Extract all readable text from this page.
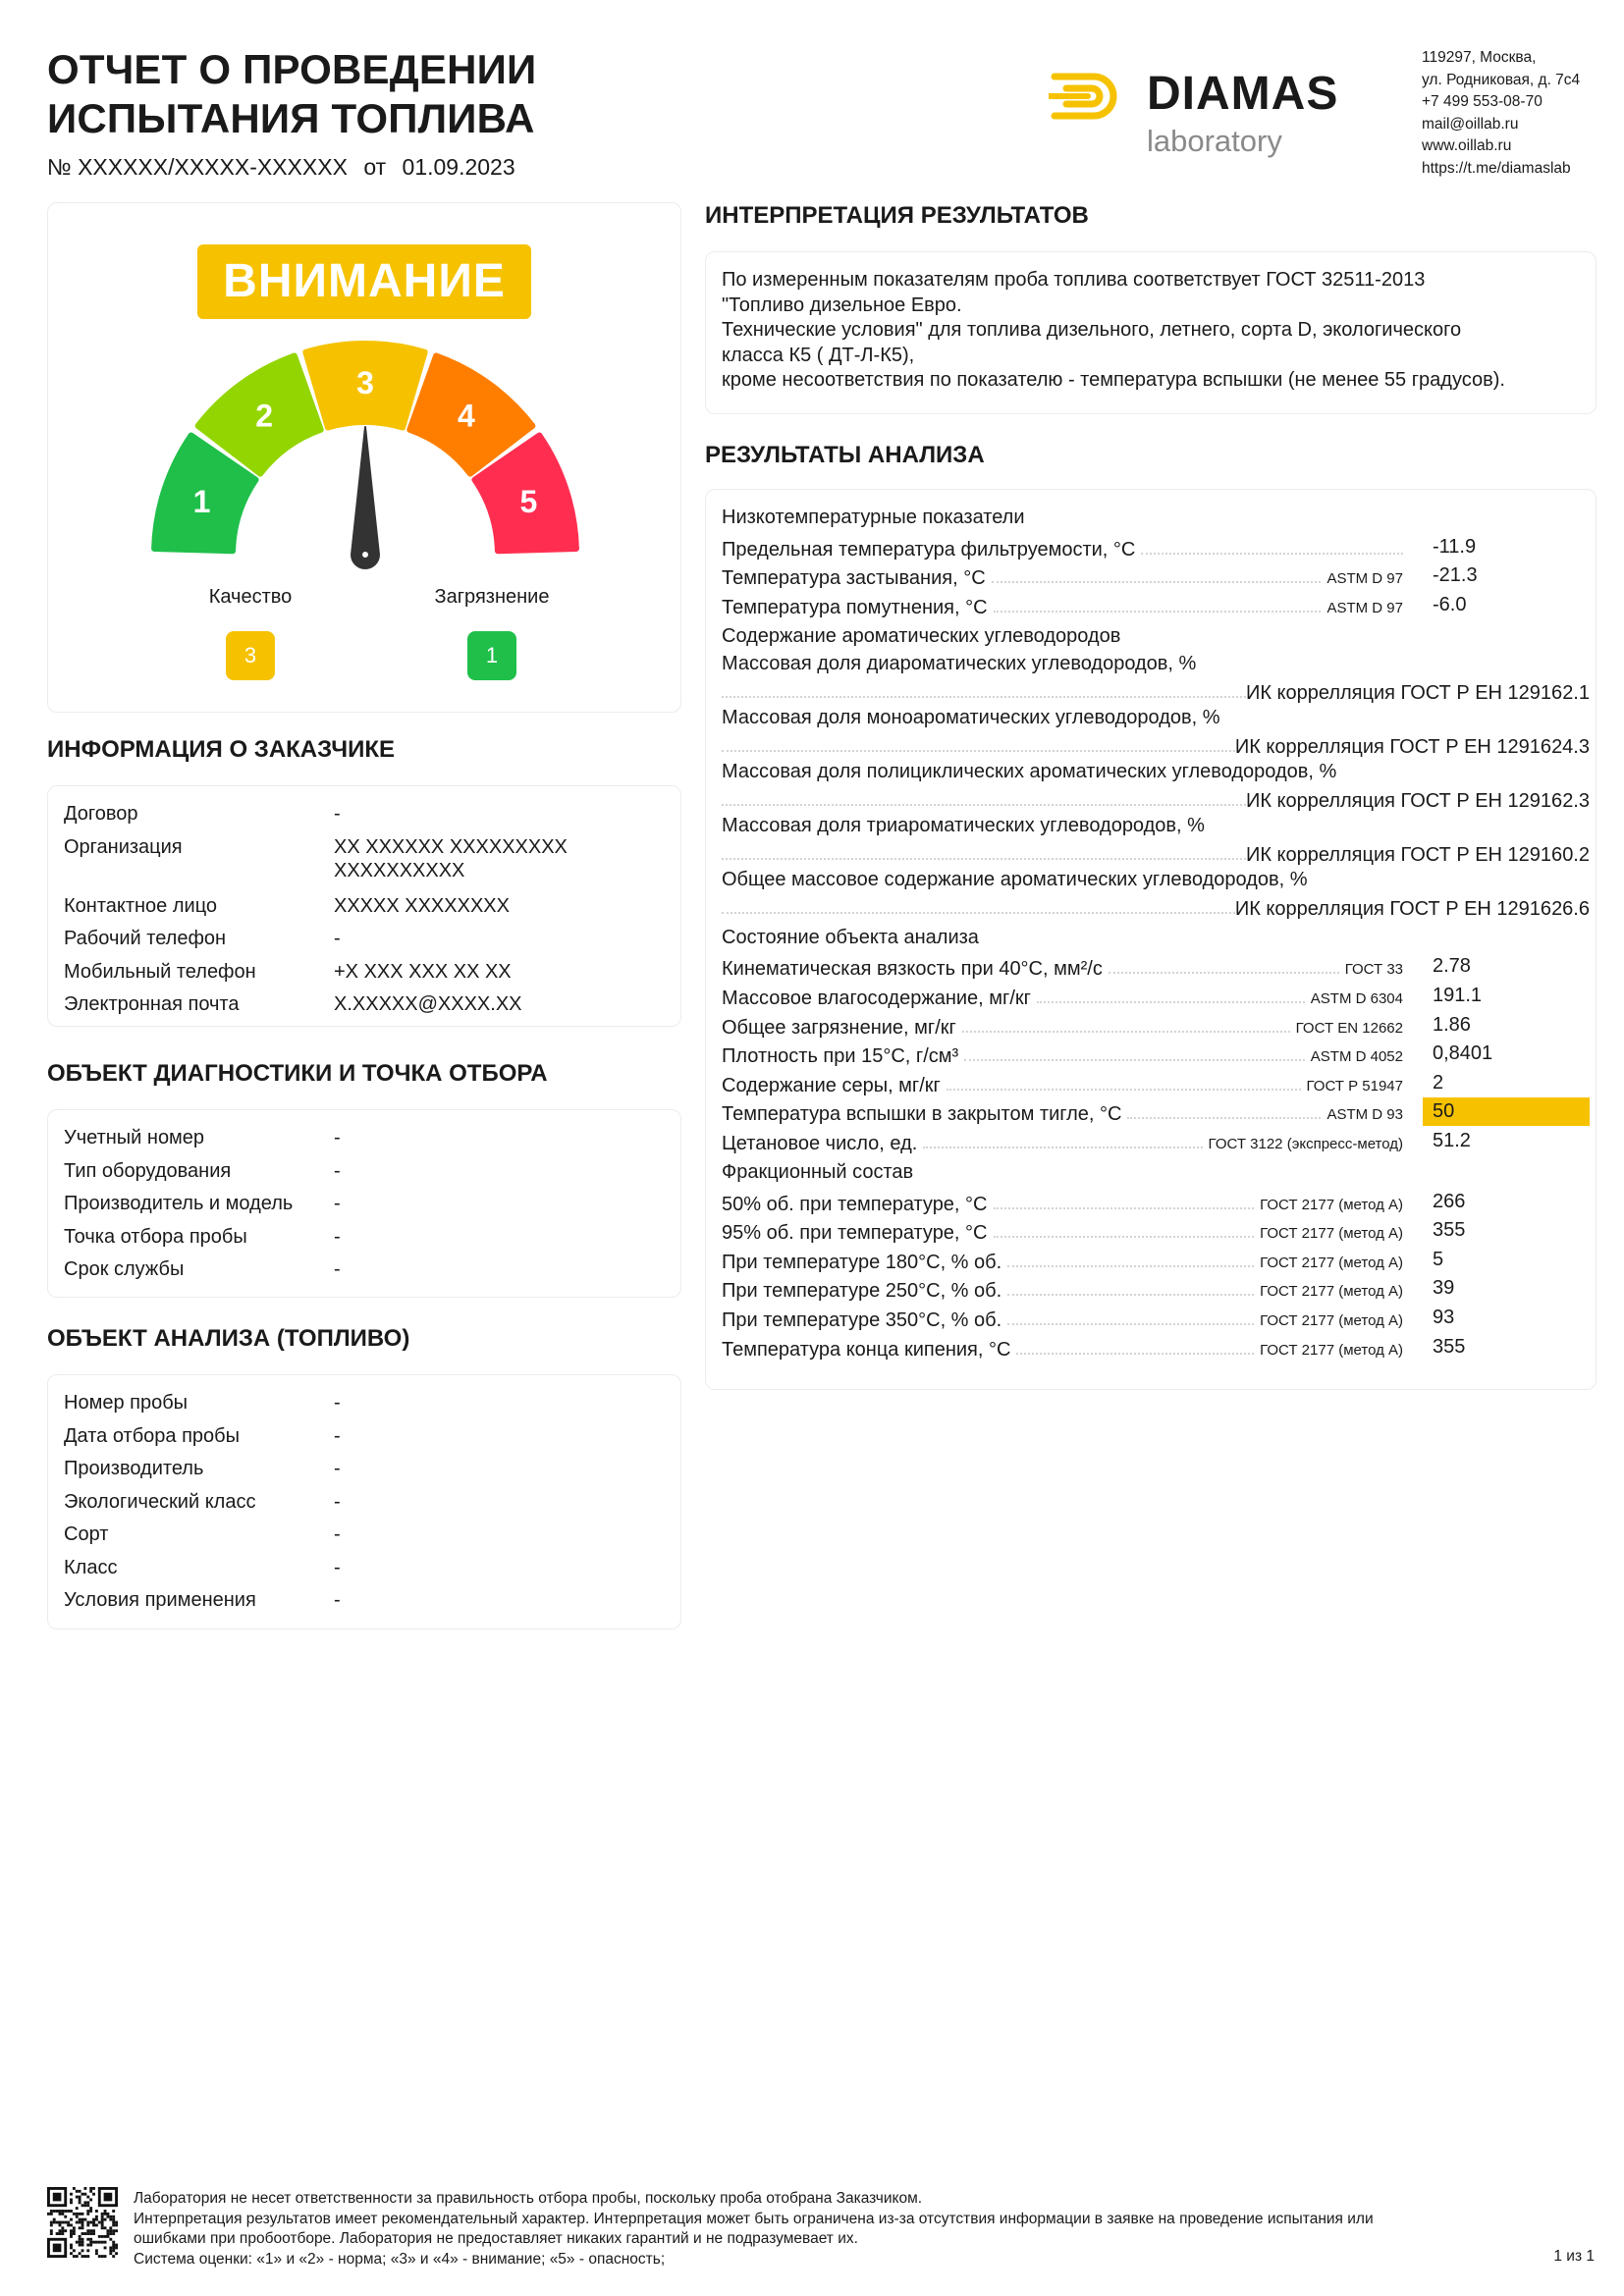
ОТЧЕТ О ПРОВЕДЕНИИ
ИСПЫТАНИЯ ТОПЛИВА
№ XXXXXX/XXXXX-XXXXXX от 01.09.2023
DIAMAS
laboratory
119297, Москва,
ул. Родниковая, д. 7с4
+7 499 553-08-70
mail@oillab.ru
www.oillab.ru
https://t.me/diamaslab
ВНИМАНИЕ
1
2
3
4
5
Качество
3
Загрязнение
1
ИНФОРМАЦИЯ О ЗАКАЗЧИКЕ
Договор	-
Организация	XX XXXXXX XXXXXXXXX XXXXXXXXXX
Контактное лицо	XXXXX XXXXXXXX
Рабочий телефон	-
Мобильный телефон	+X XXX XXX XX XX
Электронная почта	X.XXXXX@XXXX.XX
ОБЪЕКТ ДИАГНОСТИКИ И ТОЧКА ОТБОРА
Учетный номер	-
Тип оборудования	-
Производитель и модель	-
Точка отбора пробы	-
Срок службы	-
ОБЪЕКТ АНАЛИЗА (ТОПЛИВО)
Номер пробы	-
Дата отбора пробы	-
Производитель	-
Экологический класс	-
Сорт	-
Класс	-
Условия применения	-
ИНТЕРПРЕТАЦИЯ РЕЗУЛЬТАТОВ
По измеренным показателям проба топлива соответствует ГОСТ 32511-2013
"Топливо дизельное Евро.
Технические условия" для топлива дизельного, летнего, сорта D, экологического
класса К5 ( ДТ-Л-К5),
кроме несоответствия по показателю - температура вспышки (не менее 55 градусов).
РЕЗУЛЬТАТЫ АНАЛИЗА
Низкотемпературные показатели
Предельная температура фильтруемости, °C	-11.9
Температура застывания, °C	ASTM D 97	-21.3
Температура помутнения, °C	ASTM D 97	-6.0
Содержание ароматических углеводородов
Массовая доля диароматических углеводородов, %
ИК коррелляция ГОСТ Р ЕН 12916 2.1
Массовая доля моноароматических углеводородов, %
ИК коррелляция ГОСТ Р ЕН 12916 24.3
Массовая доля полициклических ароматических углеводородов, %
ИК коррелляция ГОСТ Р ЕН 12916 2.3
Массовая доля триароматических углеводородов, %
ИК коррелляция ГОСТ Р ЕН 12916 0.2
Общее массовое содержание ароматических углеводородов, %
ИК коррелляция ГОСТ Р ЕН 12916 26.6
Состояние объекта анализа
Кинематическая вязкость при 40°C, мм²/с	ГОСТ 33	2.78
Массовое влагосодержание, мг/кг	ASTM D 6304	191.1
Общее загрязнение, мг/кг	ГОСТ EN 12662	1.86
Плотность при 15°C, г/см³	ASTM D 4052	0,8401
Содержание серы, мг/кг	ГОСТ Р 51947	2
Температура вспышки в закрытом тигле, °C	ASTM D 93	50
Цетановое число, ед.	ГОСТ 3122 (экспресс-метод)	51.2
Фракционный состав
50% об. при температуре, °C	ГОСТ 2177 (метод А)	266
95% об. при температуре, °C	ГОСТ 2177 (метод А)	355
При температуре 180°C, % об.	ГОСТ 2177 (метод А)	5
При температуре 250°C, % об.	ГОСТ 2177 (метод А)	39
При температуре 350°C, % об.	ГОСТ 2177 (метод А)	93
Температура конца кипения, °C	ГОСТ 2177 (метод А)	355
Лаборатория не несет ответственности за правильность отбора пробы, поскольку проба отобрана Заказчиком.
Интерпретация результатов имеет рекомендательный характер. Интерпретация может быть ограничена из-за отсутствия информации в заявке на проведение испытания или
ошибками при пробоотборе. Лаборатория не предоставляет никаких гарантий и не подразумевает их.
Система оценки: «1» и «2» - норма; «3» и «4» - внимание; «5» - опасность;	1 из 1
